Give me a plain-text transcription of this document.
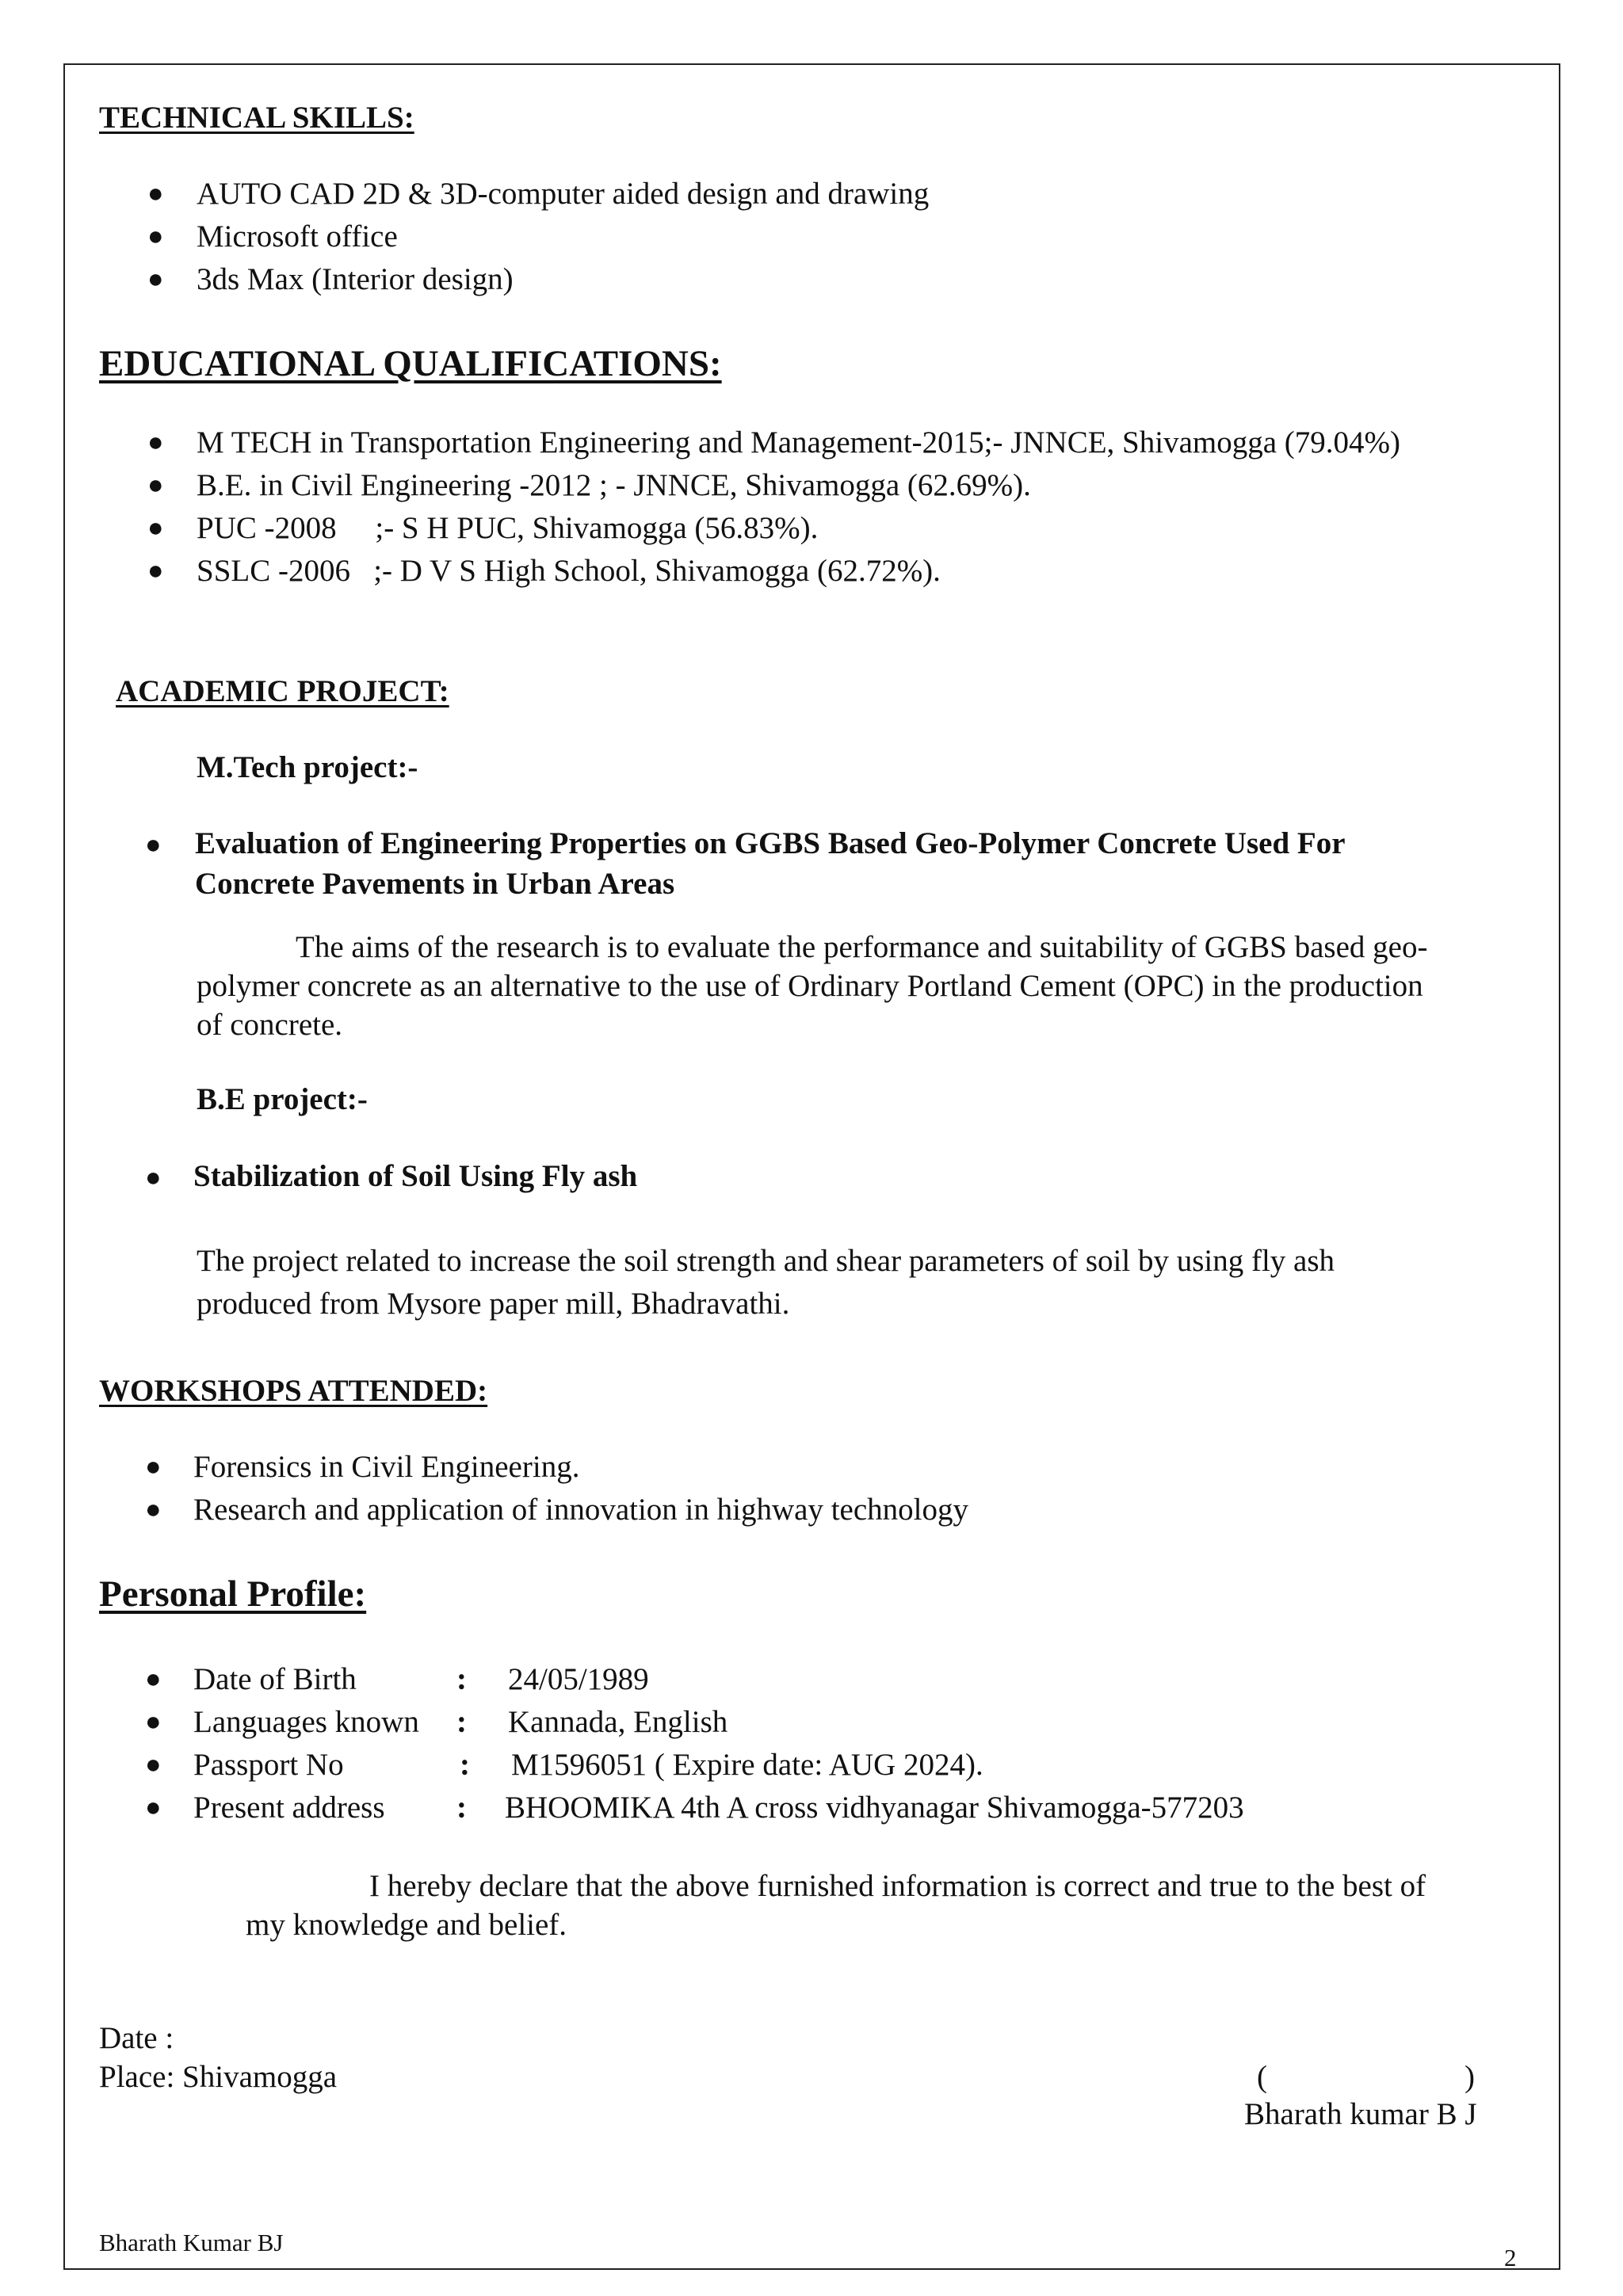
TECHNICAL SKILLS:
● AUTO CAD 2D & 3D-computer aided design and drawing
● Microsoft office
● 3ds Max (Interior design)
EDUCATIONAL QUALIFICATIONS:
● M TECH in Transportation Engineering and Management-2015;- JNNCE, Shivamogga (79.04%)
● B.E. in Civil Engineering -2012 ; - JNNCE, Shivamogga (62.69%).
● PUC -2008     ;- S H PUC, Shivamogga (56.83%).
● SSLC -2006   ;- D V S High School, Shivamogga (62.72%).
ACADEMIC PROJECT:
M.Tech project:-
● Evaluation of Engineering Properties on GGBS Based Geo-Polymer Concrete Used For
Concrete Pavements in Urban Areas
The aims of the research is to evaluate the performance and suitability of GGBS based geo-
polymer concrete as an alternative to the use of Ordinary Portland Cement (OPC) in the production
of concrete.
B.E project:-
● Stabilization of Soil Using Fly ash
The project related to increase the soil strength and shear parameters of soil by using fly ash
produced from Mysore paper mill, Bhadravathi.
WORKSHOPS ATTENDED:
● Forensics in Civil Engineering.
● Research and application of innovation in highway technology
Personal Profile:
● Date of Birth	: 24/05/1989
● Languages known : Kannada, English
● Passport No	: M1596051 ( Expire date: AUG 2024).
● Present address : BHOOMIKA 4th A cross vidhyanagar Shivamogga-577203
I hereby declare that the above furnished information is correct and true to the best of
my knowledge and belief.
Date :
Place: Shivamogga	(	)
Bharath kumar B J
Bharath Kumar BJ
2
